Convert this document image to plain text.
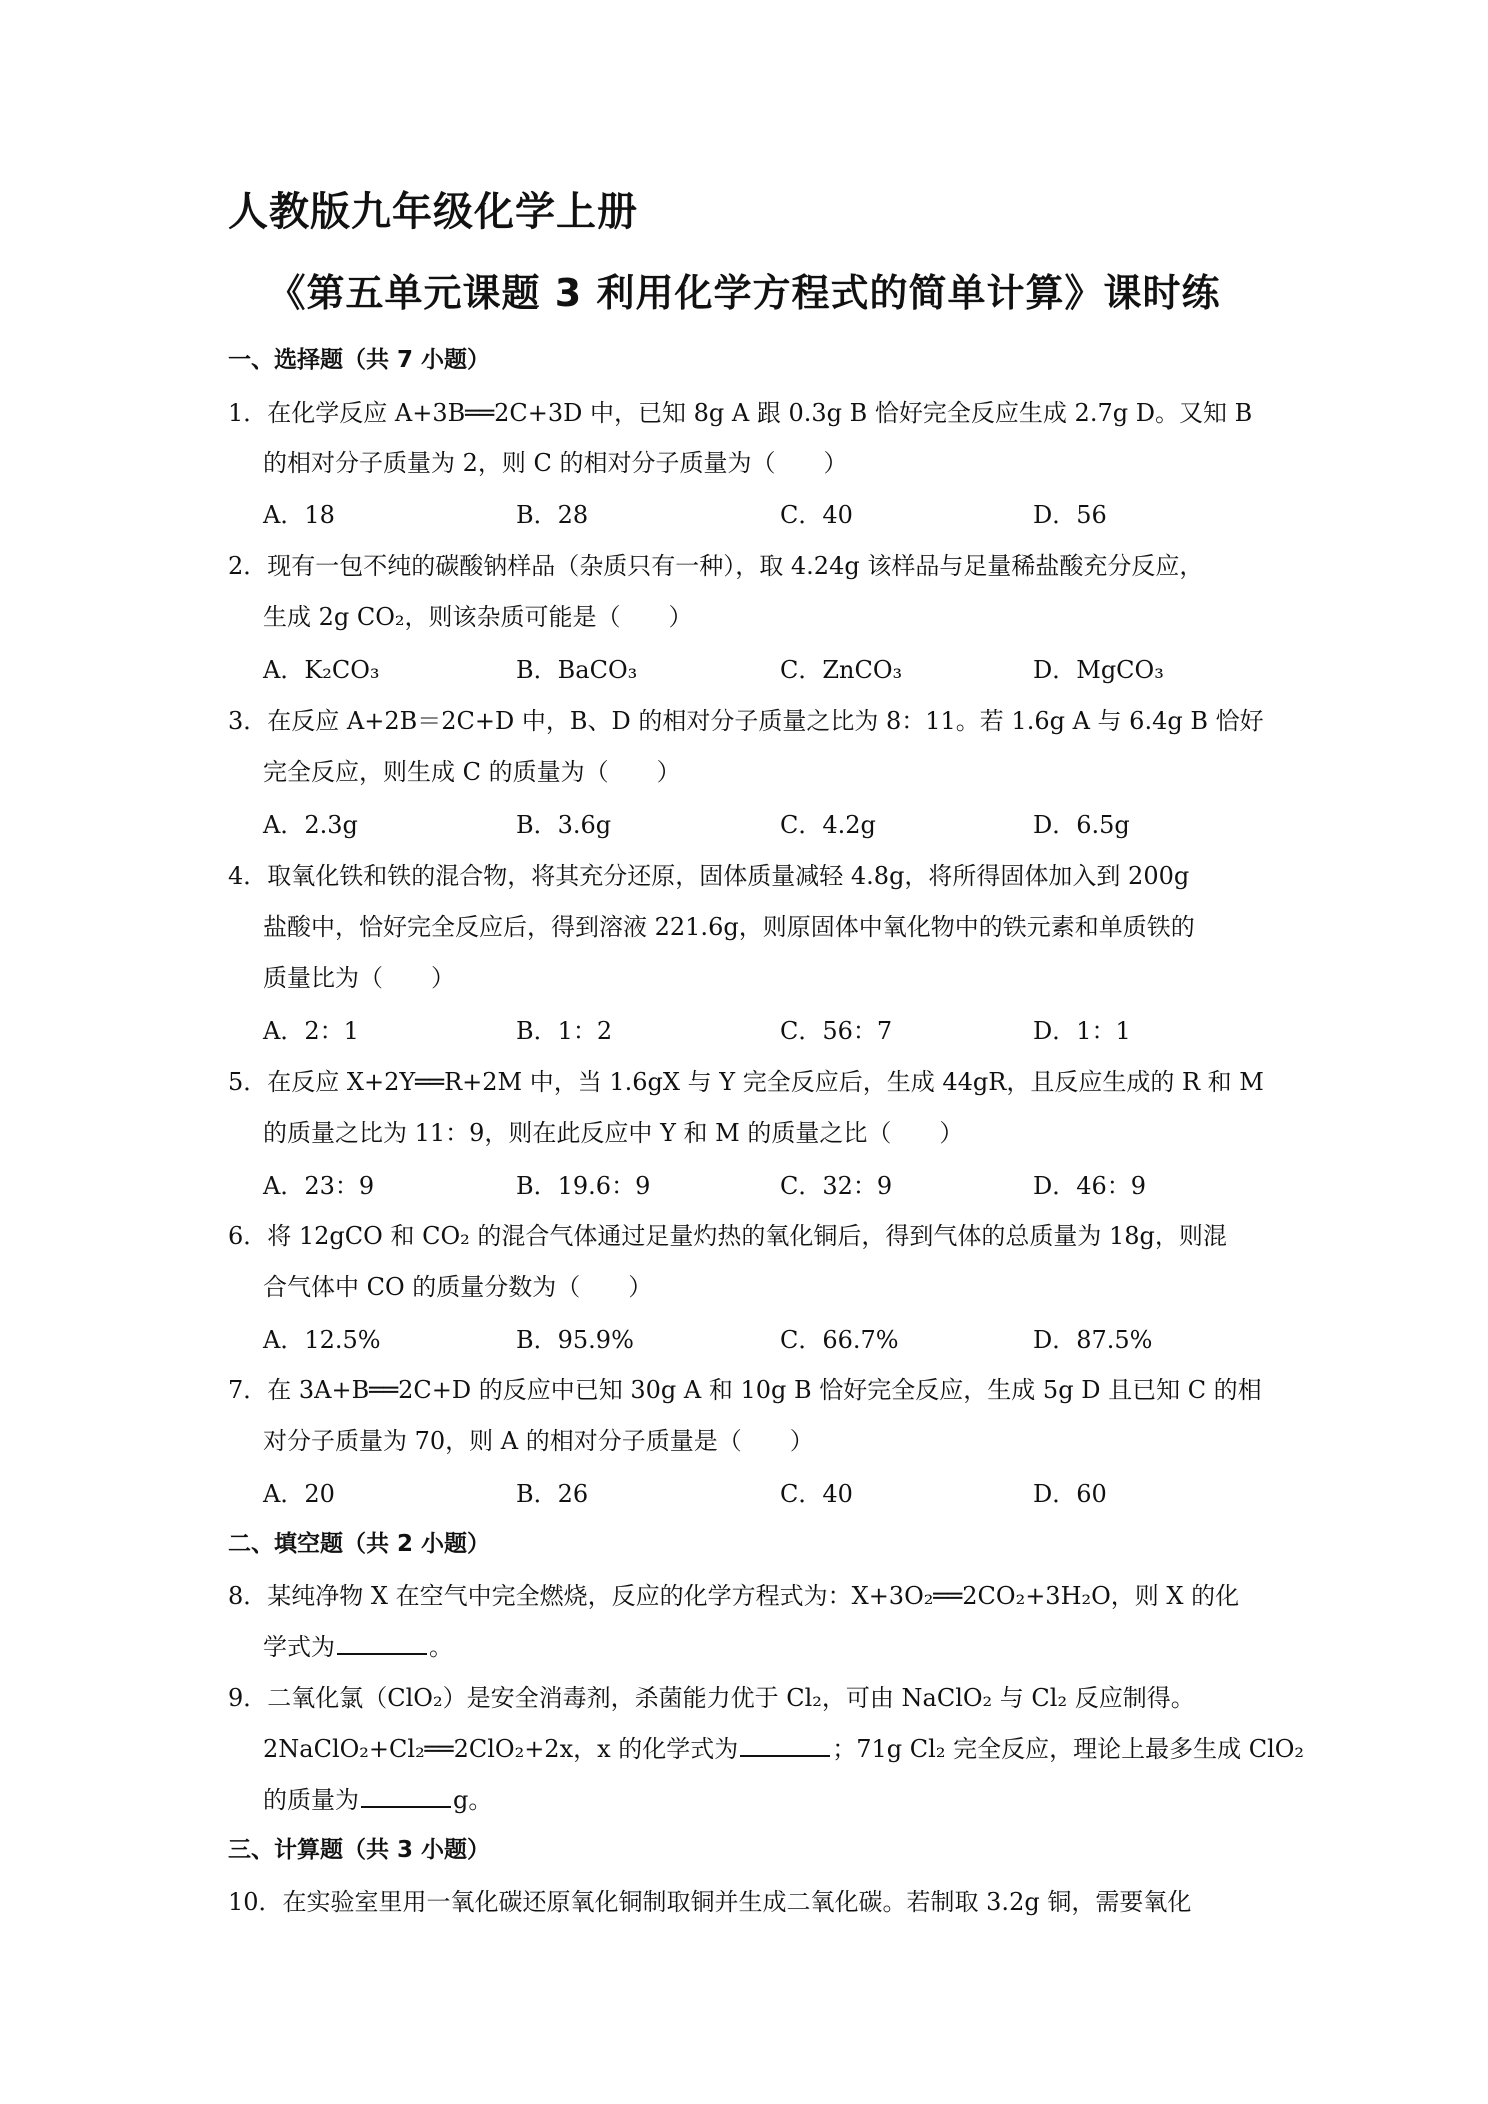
人教版九年级化学上册
《第五单元课题 3 利用化学方程式的简单计算》课时练
一、选择题（共 7 小题）
1．在化学反应 A+3B══2C+3D 中，已知 8g A 跟 0.3g B 恰好完全反应生成 2.7g D。又知 B
的相对分子质量为 2，则 C 的相对分子质量为（　　）
A．18	B．28	C．40	D．56
2．现有一包不纯的碳酸钠样品（杂质只有一种），取 4.24g 该样品与足量稀盐酸充分反应，
生成 2g CO₂，则该杂质可能是（　　）
A．K₂CO₃	B．BaCO₃	C．ZnCO₃	D．MgCO₃
3．在反应 A+2B＝2C+D 中，B、D 的相对分子质量之比为 8：11。若 1.6g A 与 6.4g B 恰好
完全反应，则生成 C 的质量为（　　）
A．2.3g	B．3.6g	C．4.2g	D．6.5g
4．取氧化铁和铁的混合物，将其充分还原，固体质量减轻 4.8g，将所得固体加入到 200g
盐酸中，恰好完全反应后，得到溶液 221.6g，则原固体中氧化物中的铁元素和单质铁的
质量比为（　　）
A．2：1	B．1：2	C．56：7	D．1：1
5．在反应 X+2Y══R+2M 中，当 1.6gX 与 Y 完全反应后，生成 44gR，且反应生成的 R 和 M
的质量之比为 11：9，则在此反应中 Y 和 M 的质量之比（　　）
A．23：9	B．19.6：9	C．32：9	D．46：9
6．将 12gCO 和 CO₂ 的混合气体通过足量灼热的氧化铜后，得到气体的总质量为 18g，则混
合气体中 CO 的质量分数为（　　）
A．12.5%	B．95.9%	C．66.7%	D．87.5%
7．在 3A+B══2C+D 的反应中已知 30g A 和 10g B 恰好完全反应，生成 5g D 且已知 C 的相
对分子质量为 70，则 A 的相对分子质量是（　　）
A．20	B．26	C．40	D．60
二、填空题（共 2 小题）
8．某纯净物 X 在空气中完全燃烧，反应的化学方程式为：X+3O₂══2CO₂+3H₂O，则 X 的化
学式为	。
9．二氧化氯（ClO₂）是安全消毒剂，杀菌能力优于 Cl₂，可由 NaClO₂ 与 Cl₂ 反应制得。
2NaClO₂+Cl₂══2ClO₂+2x，x 的化学式为	；71g Cl₂ 完全反应，理论上最多生成 ClO₂
的质量为	g。
三、计算题（共 3 小题）
10．在实验室里用一氧化碳还原氧化铜制取铜并生成二氧化碳。若制取 3.2g 铜，需要氧化
